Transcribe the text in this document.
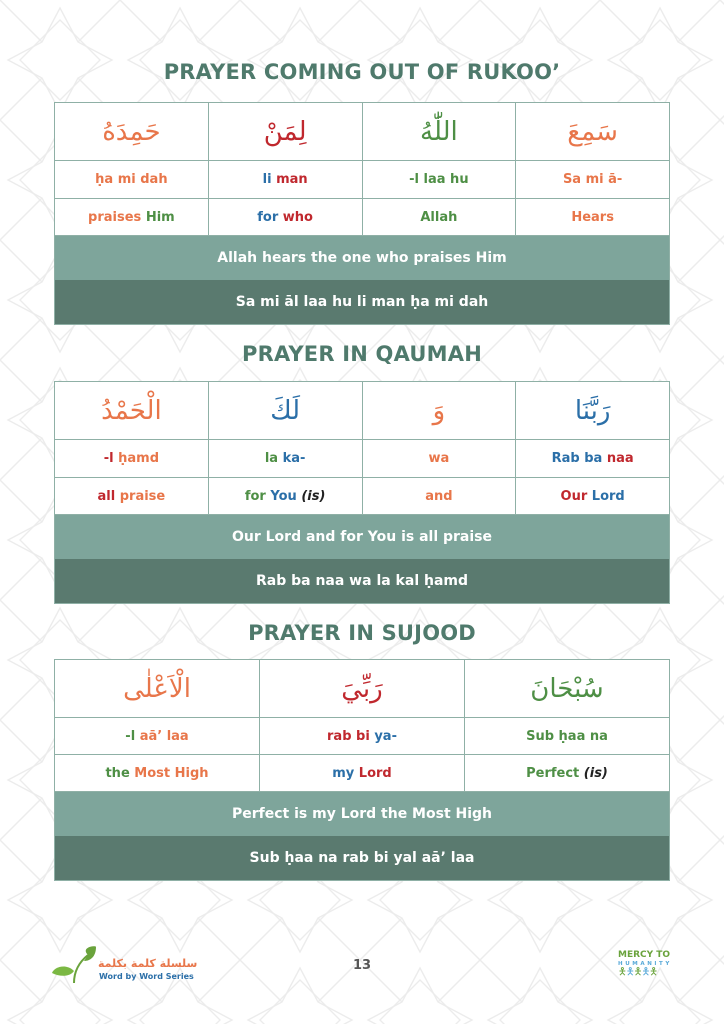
PRAYER COMING OUT OF RUKOO’
حَمِدَهُ	لِمَنْ	اللّٰهُ	سَمِعَ
ḥa mi dah	li man	-l laa hu	Sa mi ā-
praises Him	for who	Allah	Hears
Allah hears the one who praises Him
Sa mi āl laa hu li man ḥa mi dah
PRAYER IN QAUMAH
الْحَمْدُ	لَكَ	وَ	رَبَّنَا
-l ḥamd	la ka-	wa	Rab ba naa
all praise	for You (is)	and	Our Lord
Our Lord and for You is all praise
Rab ba naa wa la kal ḥamd
PRAYER IN SUJOOD
الْاَعْلٰى	رَبِّيَ	سُبْحَانَ
-l aā’ laa	rab bi ya-	Sub ḥaa na
the Most High	my Lord	Perfect (is)
Perfect is my Lord the Most High
Sub ḥaa na rab bi yal aā’ laa
سلسلة كلمة بكلمة
Word by Word Series
13
MERCY TO
HUMANITY
🯅🯅🯅🯅🯅
